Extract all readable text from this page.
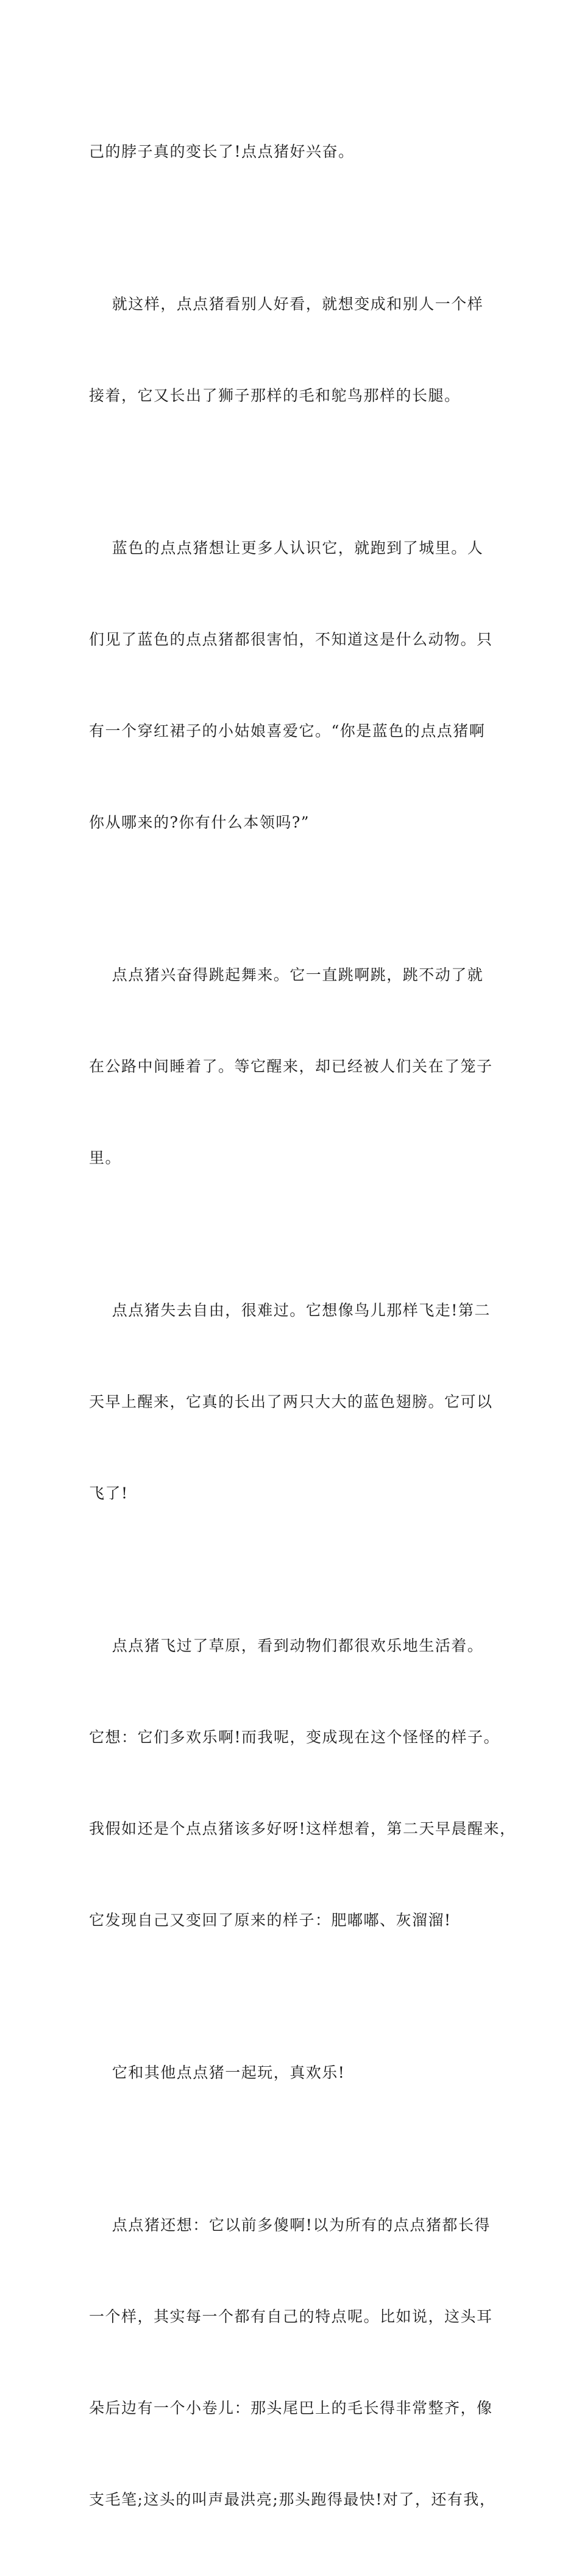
己的脖子真的变长了!点点猪好兴奋。

就这样，点点猪看别人好看，就想变成和别人一个样

接着，它又长出了狮子那样的毛和鸵鸟那样的长腿。

蓝色的点点猪想让更多人认识它，就跑到了城里。人

们见了蓝色的点点猪都很害怕，不知道这是什么动物。只

有一个穿红裙子的小姑娘喜爱它。“你是蓝色的点点猪啊

你从哪来的?你有什么本领吗?”

点点猪兴奋得跳起舞来。它一直跳啊跳，跳不动了就

在公路中间睡着了。等它醒来，却已经被人们关在了笼子

里。

点点猪失去自由，很难过。它想像鸟儿那样飞走!第二

天早上醒来，它真的长出了两只大大的蓝色翅膀。它可以

飞了!

点点猪飞过了草原，看到动物们都很欢乐地生活着。

它想：它们多欢乐啊!而我呢，变成现在这个怪怪的样子。

我假如还是个点点猪该多好呀!这样想着，第二天早晨醒来，

它发现自己又变回了原来的样子：肥嘟嘟、灰溜溜!

它和其他点点猪一起玩，真欢乐!

点点猪还想：它以前多傻啊!以为所有的点点猪都长得

一个样，其实每一个都有自己的特点呢。比如说，这头耳

朵后边有一个小卷儿：那头尾巴上的毛长得非常整齐，像

支毛笔;这头的叫声最洪亮;那头跑得最快!对了，还有我，
